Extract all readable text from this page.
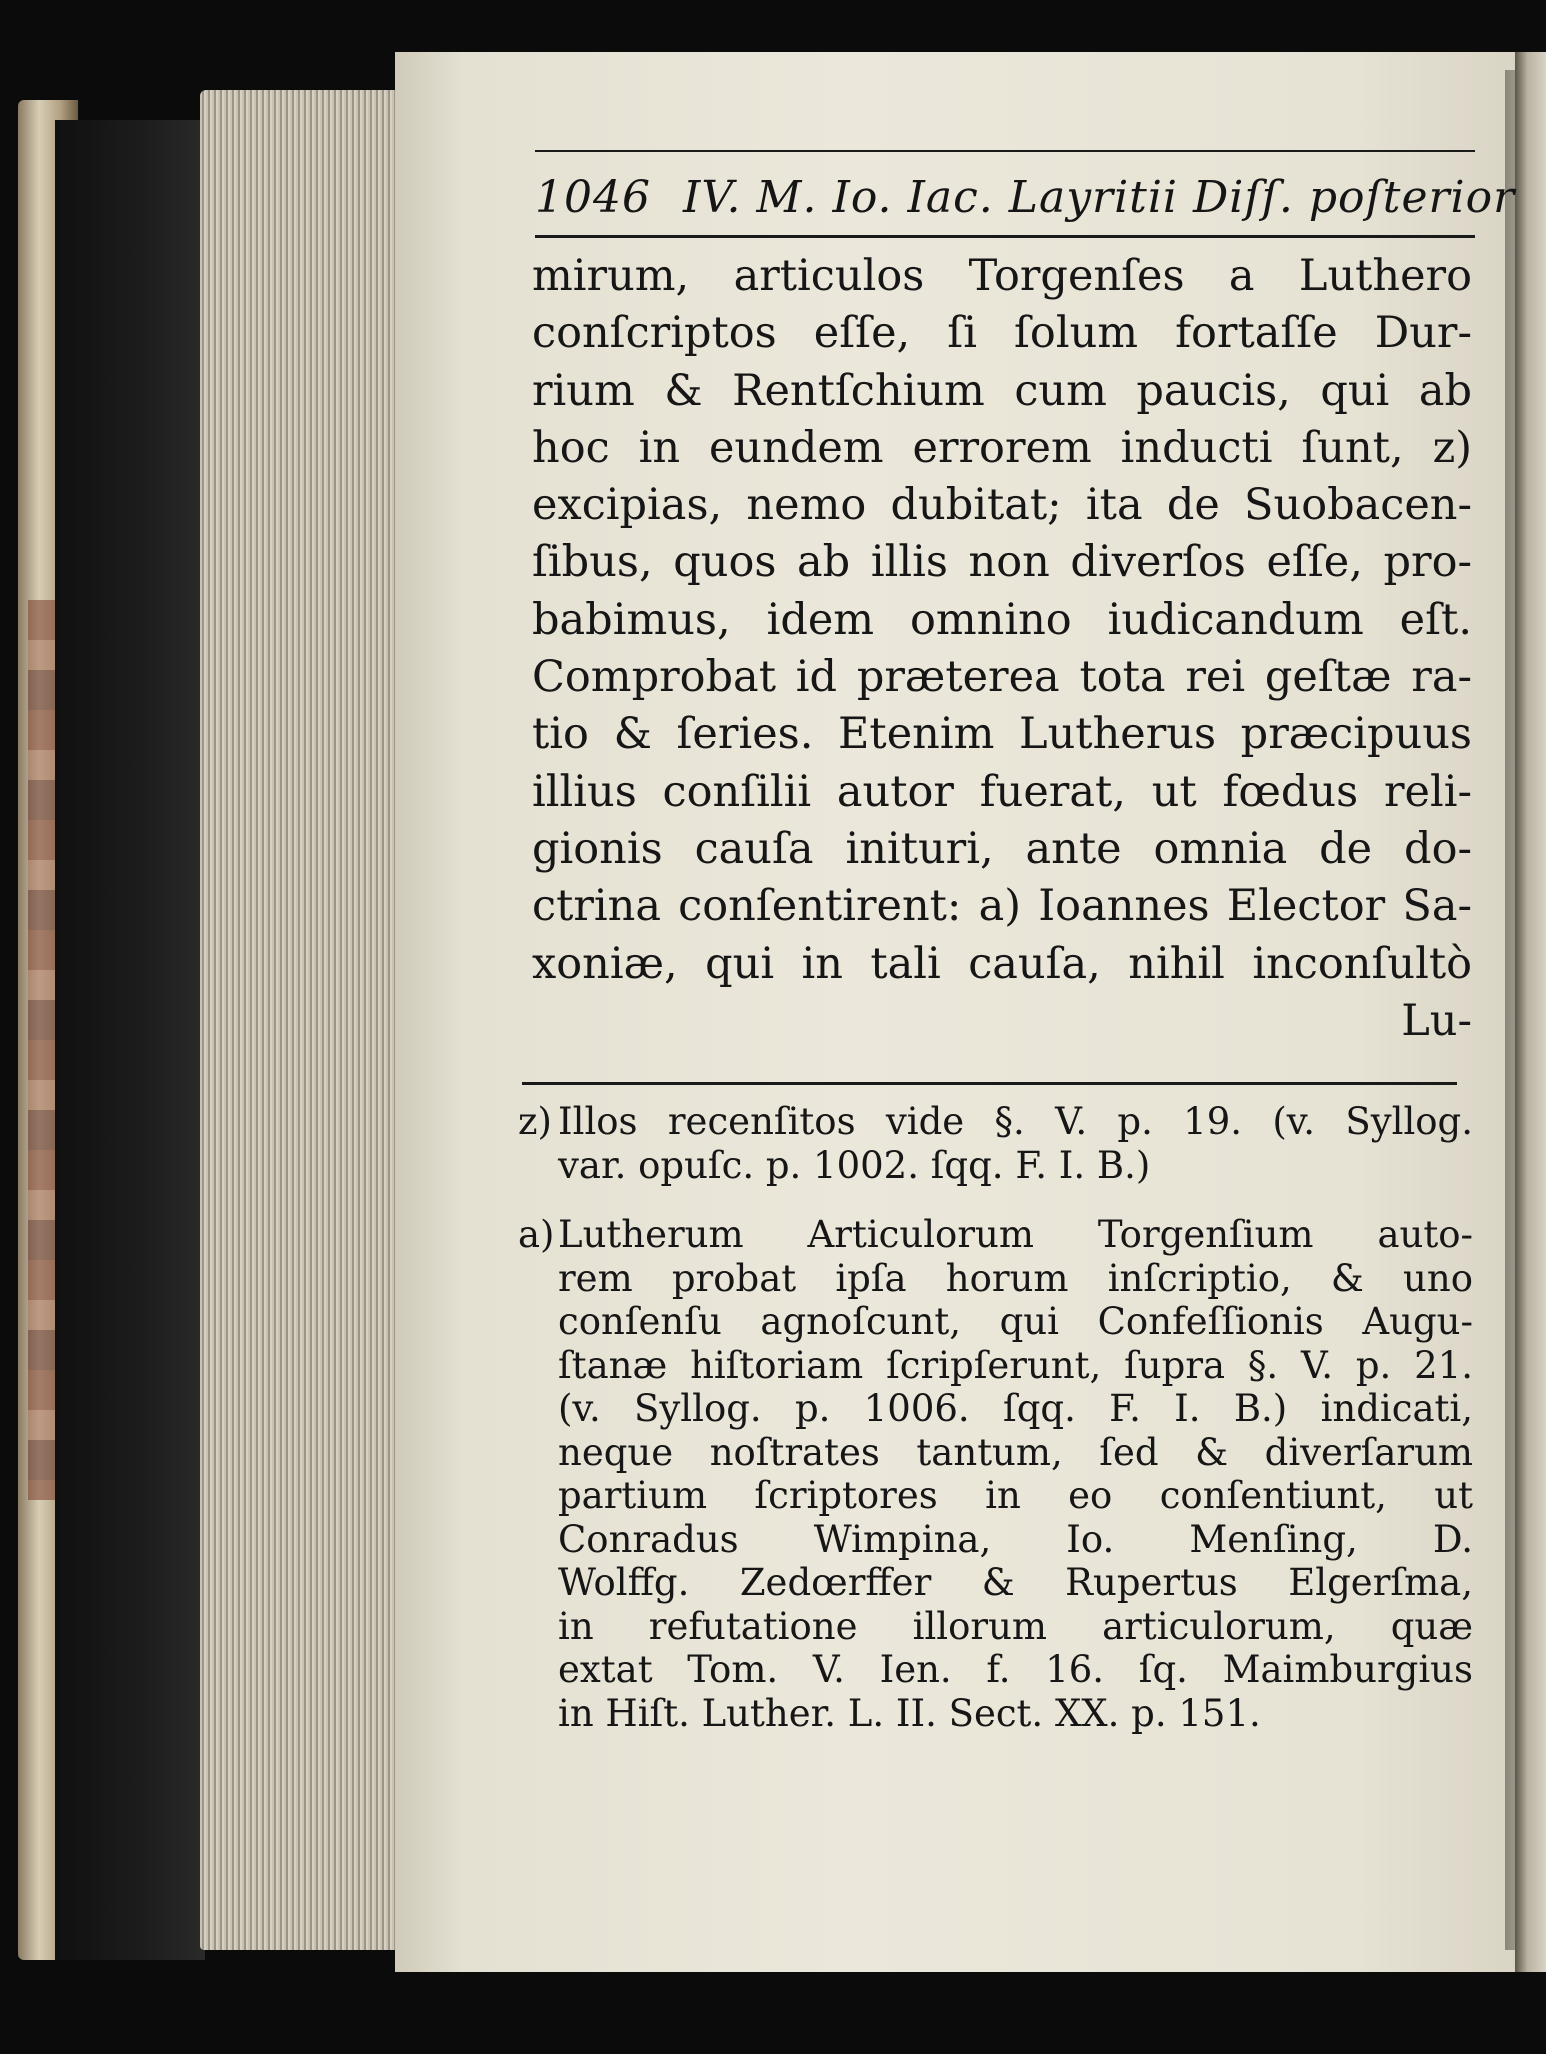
1046 IV. M. Io. Iac. Layritii Diſſ. poſterior
mirum, articulos Torgenſes a Luthero
conſcriptos eſſe, ſi ſolum fortaſſe Dur-
rium & Rentſchium cum paucis, qui ab
hoc in eundem errorem inducti ſunt, z)
excipias, nemo dubitat; ita de Suobacen-
ſibus, quos ab illis non diverſos eſſe, pro-
babimus, idem omnino iudicandum eſt.
Comprobat id præterea tota rei geſtæ ra-
tio & ſeries. Etenim Lutherus præcipuus
illius conſilii autor fuerat, ut fœdus reli-
gionis cauſa inituri, ante omnia de do-
ctrina conſentirent: a) Ioannes Elector Sa-
xoniæ, qui in tali cauſa, nihil inconſultò
Lu-
z) Illos recenſitos vide §. V. p. 19. (v. Syllog.
var. opuſc. p. 1002. ſqq. F. I. B.)
a)Lutherum Articulorum Torgenſium auto-
rem probat ipſa horum inſcriptio, & uno
conſenſu agnoſcunt, qui Confeſſionis Augu-
ſtanæ hiſtoriam ſcripſerunt, ſupra §. V. p. 21.
(v. Syllog. p. 1006. ſqq. F. I. B.) indicati,
neque noſtrates tantum, ſed & diverſarum
partium ſcriptores in eo conſentiunt, ut
Conradus Wimpina, Io. Menſing, D.
Wolffg. Zedœrffer & Rupertus Elgerſma,
in refutatione illorum articulorum, quæ
extat Tom. V. Ien. f. 16. ſq. Maimburgius
in Hiſt. Luther. L. II. Sect. XX. p. 151.
